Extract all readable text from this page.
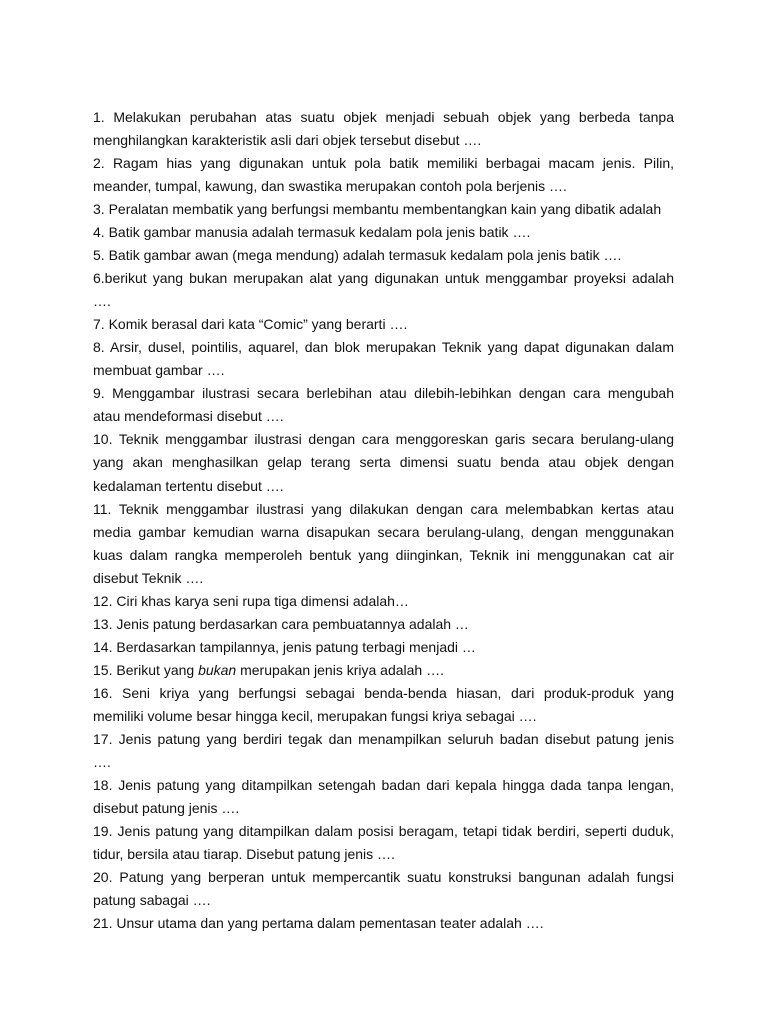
1. Melakukan perubahan atas suatu objek menjadi sebuah objek yang berbeda tanpa
menghilangkan karakteristik asli dari objek tersebut disebut ….
2. Ragam hias yang digunakan untuk pola batik memiliki berbagai macam jenis. Pilin,
meander, tumpal, kawung, dan swastika merupakan contoh pola berjenis ….
3. Peralatan membatik yang berfungsi membantu membentangkan kain yang dibatik adalah
4. Batik gambar manusia adalah termasuk kedalam pola jenis batik ….
5. Batik gambar awan (mega mendung) adalah termasuk kedalam pola jenis batik ….
6.berikut yang bukan merupakan alat yang digunakan untuk menggambar proyeksi adalah
….
7. Komik berasal dari kata “Comic” yang berarti ….
8. Arsir, dusel, pointilis, aquarel, dan blok merupakan Teknik yang dapat digunakan dalam
membuat gambar ….
9. Menggambar ilustrasi secara berlebihan atau dilebih-lebihkan dengan cara mengubah
atau mendeformasi disebut ….
10. Teknik menggambar ilustrasi dengan cara menggoreskan garis secara berulang-ulang
yang akan menghasilkan gelap terang serta dimensi suatu benda atau objek dengan
kedalaman tertentu disebut ….
11. Teknik menggambar ilustrasi yang dilakukan dengan cara melembabkan kertas atau
media gambar kemudian warna disapukan secara berulang-ulang, dengan menggunakan
kuas dalam rangka memperoleh bentuk yang diinginkan, Teknik ini menggunakan cat air
disebut Teknik ….
12. Ciri khas karya seni rupa tiga dimensi adalah…
13. Jenis patung berdasarkan cara pembuatannya adalah …
14. Berdasarkan tampilannya, jenis patung terbagi menjadi …
15. Berikut yang bukan merupakan jenis kriya adalah ….
16. Seni kriya yang berfungsi sebagai benda-benda hiasan, dari produk-produk yang
memiliki volume besar hingga kecil, merupakan fungsi kriya sebagai ….
17. Jenis patung yang berdiri tegak dan menampilkan seluruh badan disebut patung jenis
….
18. Jenis patung yang ditampilkan setengah badan dari kepala hingga dada tanpa lengan,
disebut patung jenis ….
19. Jenis patung yang ditampilkan dalam posisi beragam, tetapi tidak berdiri, seperti duduk,
tidur, bersila atau tiarap. Disebut patung jenis ….
20. Patung yang berperan untuk mempercantik suatu konstruksi bangunan adalah fungsi
patung sabagai ….
21. Unsur utama dan yang pertama dalam pementasan teater adalah ….
